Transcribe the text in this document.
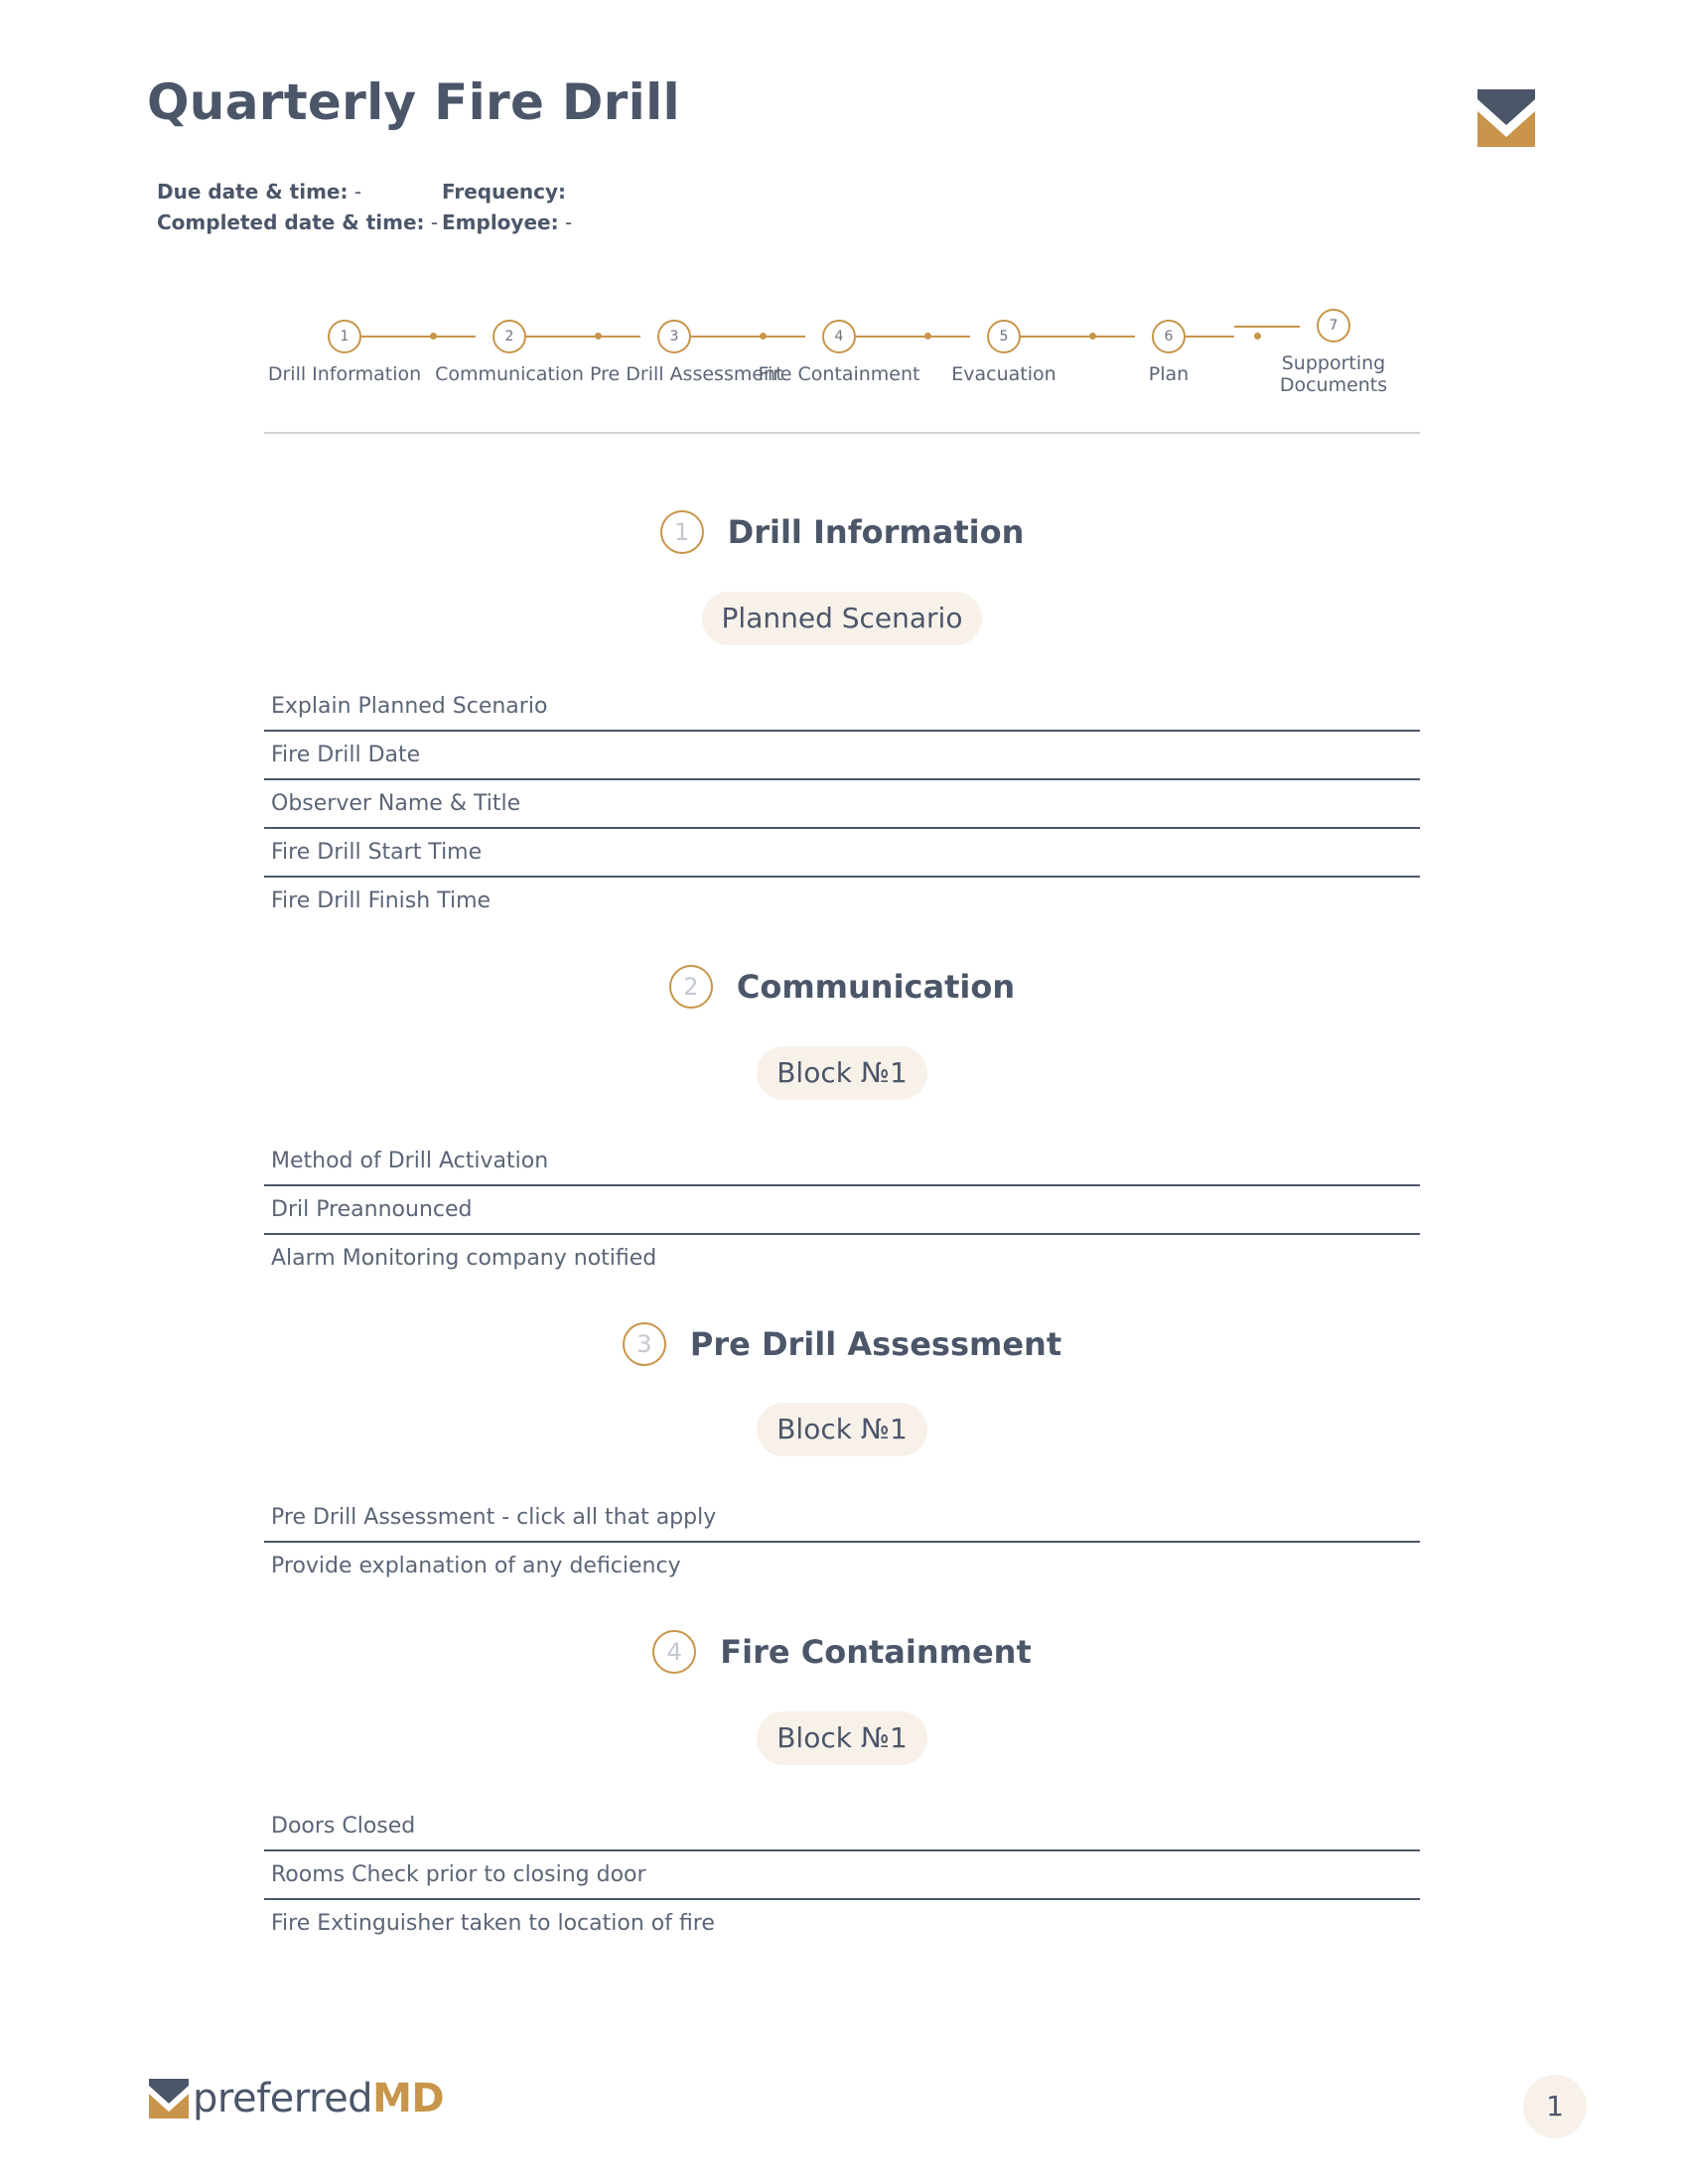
Quarterly Fire Drill
Due date & time: -
Completed date & time: -
Frequency:
Employee: -
1	2	3	4	5	6
7
Drill Information Communication Pre Drill Assessment
Fire Containment	Evacuation	Plan	Supporting
Documents
1	Drill Information
Planned Scenario
Explain Planned Scenario
Fire Drill Date
Observer Name & Title
Fire Drill Start Time
Fire Drill Finish Time
2	Communication
Block №1
Method of Drill Activation
Dril Preannounced
Alarm Monitoring company notified
3	Pre Drill Assessment
Block №1
Pre Drill Assessment - click all that apply
Provide explanation of any deficiency
4	Fire Containment
Block №1
Doors Closed
Rooms Check prior to closing door
Fire Extinguisher taken to location of fire
preferredMD	1
